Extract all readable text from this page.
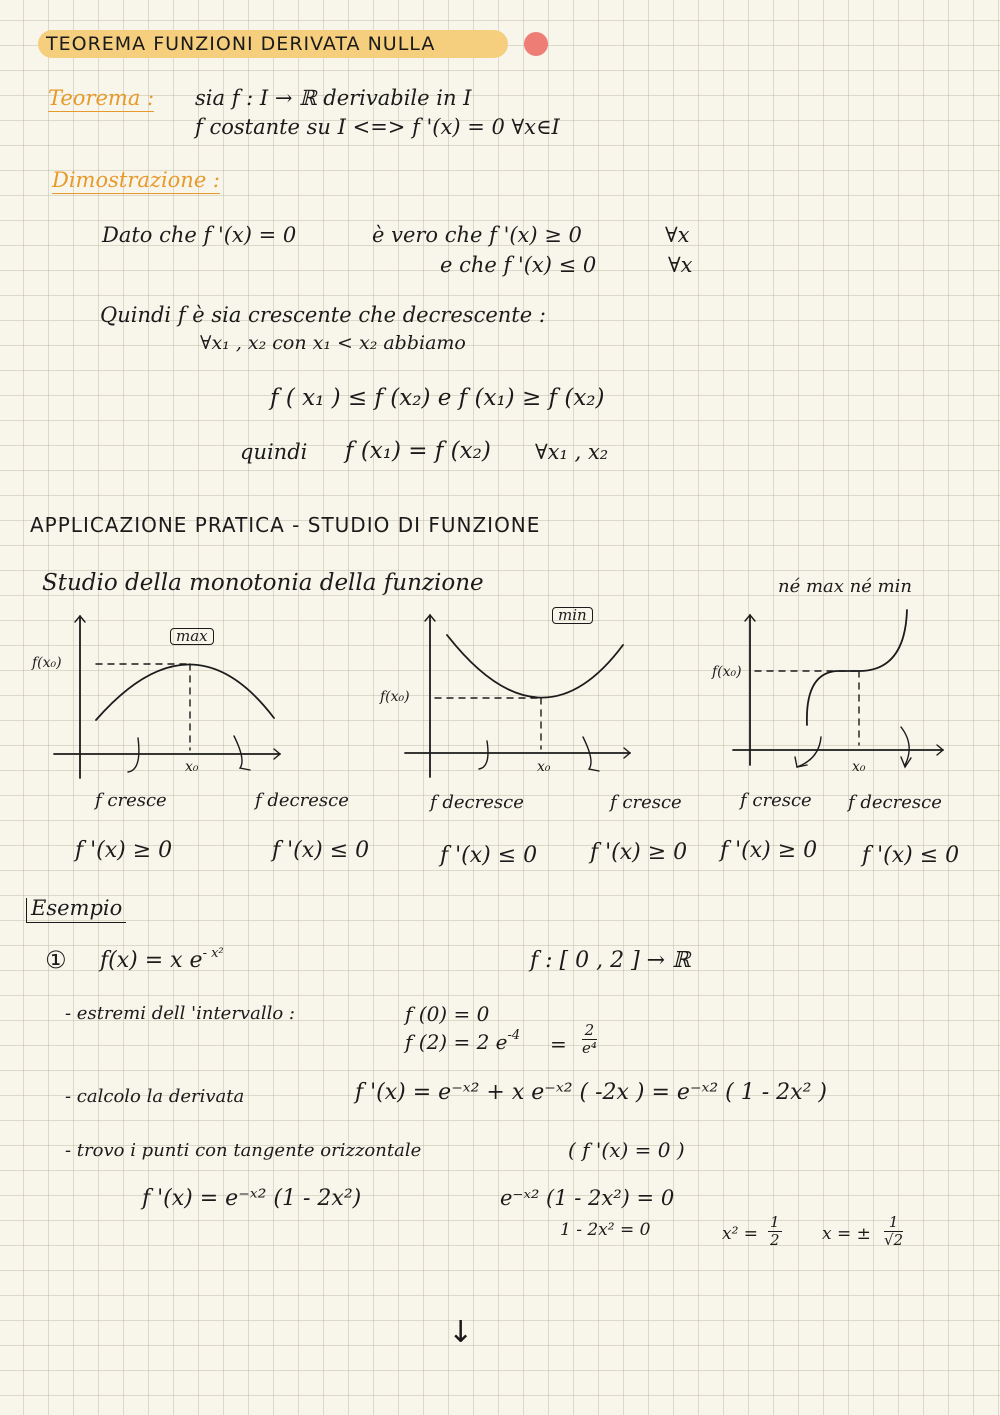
TEOREMA FUNZIONI DERIVATA NULLA
Teorema : sia f : I → ℝ derivabile in I
f costante su I <=> f '(x) = 0 ∀x∈I
Dimostrazione :
Dato che f '(x) = 0	è vero che f '(x) ≥ 0	∀x
e che f '(x) ≤ 0	∀x
Quindi f è sia crescente che decrescente :
∀x₁ , x₂ con x₁ < x₂ abbiamo
f ( x₁ ) ≤ f (x₂) e f (x₁) ≥ f (x₂)
quindi f (x₁) = f (x₂) ∀x₁ , x₂
APPLICAZIONE PRATICA - STUDIO DI FUNZIONE
Studio della monotonia della funzione	né max né min
max
f(x₀)
x₀
f cresce	f decresce
f '(x) ≥ 0	f '(x) ≤ 0
min
f(x₀)
x₀
f decresce	f cresce
f '(x) ≤ 0 f '(x) ≥ 0
f(x₀)
x₀
f cresce f decresce
f '(x) ≥ 0 f '(x) ≤ 0
Esempio
① f(x) = x $e^{- x^2}$	f : [ 0 , 2 ] → ℝ
- estremi dell 'intervallo :	f (0) = 0
f (2) = 2 $e^{-4} = \frac{2}{\text{e⁴}}$
- calcolo la derivata	f '(x) = e⁻ˣ² + x e⁻ˣ² ( -2x ) = e⁻ˣ² ( 1 - 2x² )
- trovo i punti con tangente orizzontale	( f '(x) = 0 )
f '(x) = e⁻ˣ² (1 - 2x²)	e⁻ˣ² (1 - 2x²) = 0
1 - 2x² = 0	$x^2 = \frac{1}{2}$ x = ± $\frac{1}{√2}$
↓
